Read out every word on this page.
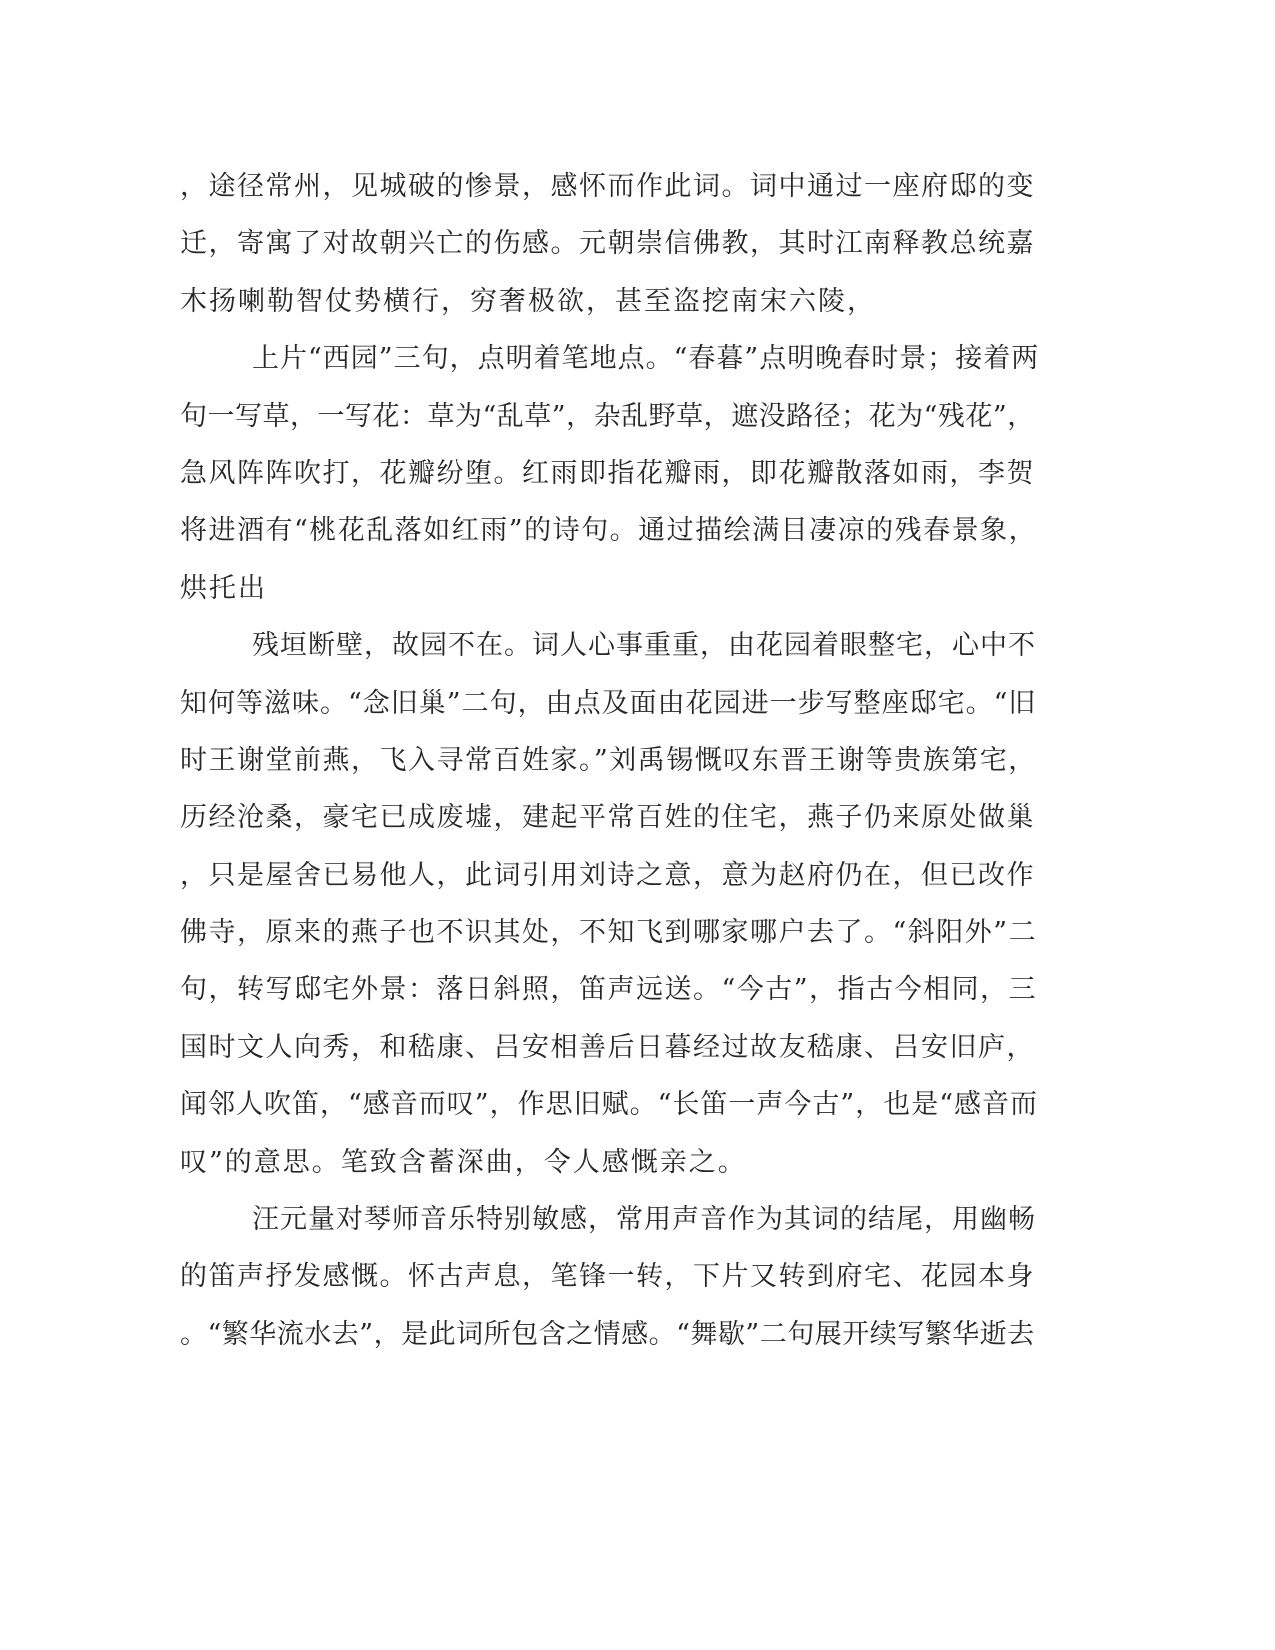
，途径常州，见城破的惨景，感怀而作此词。词中通过一座府邸的变
迁，寄寓了对故朝兴亡的伤感。元朝崇信佛教，其时江南释教总统嘉
木扬喇勒智仗势横行，穷奢极欲，甚至盗挖南宋六陵，
上片“西园”三句，点明着笔地点。“春暮”点明晚春时景；接着两
句一写草，一写花：草为“乱草”，杂乱野草，遮没路径；花为“残花”，
急风阵阵吹打，花瓣纷堕。红雨即指花瓣雨，即花瓣散落如雨，李贺
将进酒有“桃花乱落如红雨”的诗句。通过描绘满目凄凉的残春景象，
烘托出
残垣断壁，故园不在。词人心事重重，由花园着眼整宅，心中不
知何等滋味。“念旧巢”二句，由点及面由花园进一步写整座邸宅。“旧
时王谢堂前燕，飞入寻常百姓家。”刘禹锡慨叹东晋王谢等贵族第宅，
历经沧桑，豪宅已成废墟，建起平常百姓的住宅，燕子仍来原处做巢
，只是屋舍已易他人，此词引用刘诗之意，意为赵府仍在，但已改作
佛寺，原来的燕子也不识其处，不知飞到哪家哪户去了。“斜阳外”二
句，转写邸宅外景：落日斜照，笛声远送。“今古”，指古今相同，三
国时文人向秀，和嵇康、吕安相善后日暮经过故友嵇康、吕安旧庐，
闻邻人吹笛，“感音而叹”，作思旧赋。“长笛一声今古”，也是“感音而
叹”的意思。笔致含蓄深曲，令人感慨亲之。
汪元量对琴师音乐特别敏感，常用声音作为其词的结尾，用幽畅
的笛声抒发感慨。怀古声息，笔锋一转，下片又转到府宅、花园本身
。“繁华流水去”，是此词所包含之情感。“舞歇”二句展开续写繁华逝去
